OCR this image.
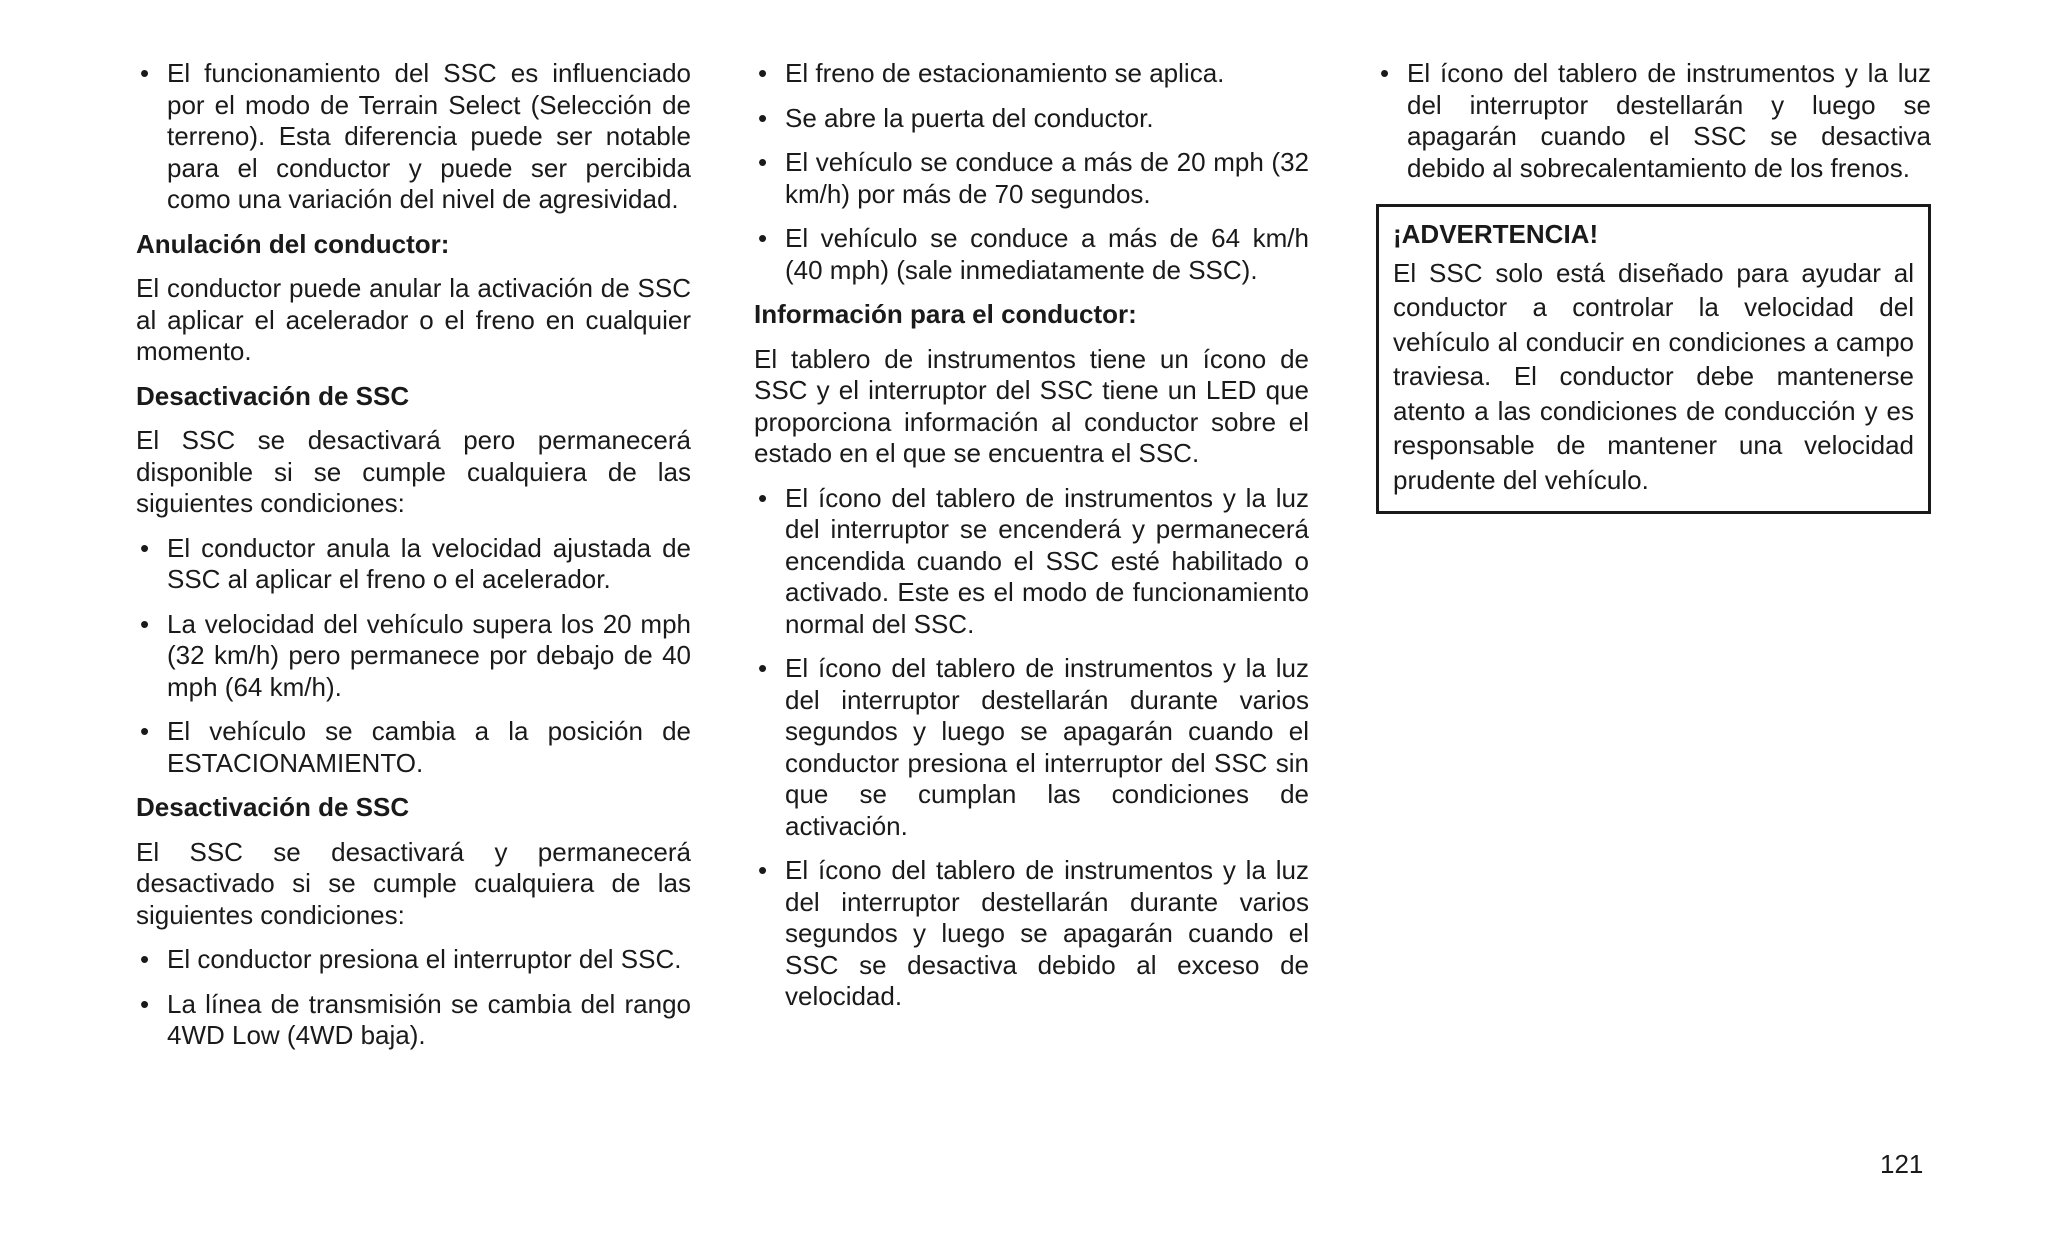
• El funcionamiento del SSC es influenciado por el modo de Terrain Select (Selección de terreno). Esta diferencia puede ser notable para el conductor y puede ser percibida como una variación del nivel de agresividad.
Anulación del conductor:
El conductor puede anular la activación de SSC al aplicar el acelerador o el freno en cualquier momento.
Desactivación de SSC
El SSC se desactivará pero permanecerá disponible si se cumple cualquiera de las siguientes condiciones:
• El conductor anula la velocidad ajustada de SSC al aplicar el freno o el acelerador.
• La velocidad del vehículo supera los 20 mph (32 km/h) pero permanece por debajo de 40 mph (64 km/h).
• El vehículo se cambia a la posición de ESTACIONAMIENTO.
Desactivación de SSC
El SSC se desactivará y permanecerá desactivado si se cumple cualquiera de las siguientes condiciones:
• El conductor presiona el interruptor del SSC.
• La línea de transmisión se cambia del rango 4WD Low (4WD baja).
• El freno de estacionamiento se aplica.
• Se abre la puerta del conductor.
• El vehículo se conduce a más de 20 mph (32 km/h) por más de 70 segundos.
• El vehículo se conduce a más de 64 km/h (40 mph) (sale inmediatamente de SSC).
Información para el conductor:
El tablero de instrumentos tiene un ícono de SSC y el interruptor del SSC tiene un LED que proporciona información al conductor sobre el estado en el que se encuentra el SSC.
• El ícono del tablero de instrumentos y la luz del interruptor se encenderá y permanecerá encendida cuando el SSC esté habilitado o activado. Este es el modo de funcionamiento normal del SSC.
• El ícono del tablero de instrumentos y la luz del interruptor destellarán durante varios segundos y luego se apagarán cuando el conductor presiona el interruptor del SSC sin que se cumplan las condiciones de activación.
• El ícono del tablero de instrumentos y la luz del interruptor destellarán durante varios segundos y luego se apagarán cuando el SSC se desactiva debido al exceso de velocidad.
• El ícono del tablero de instrumentos y la luz del interruptor destellarán y luego se apagarán cuando el SSC se desactiva debido al sobrecalentamiento de los frenos.
¡ADVERTENCIA!
El SSC solo está diseñado para ayudar al conductor a controlar la velocidad del vehículo al conducir en condiciones a campo traviesa. El conductor debe mantenerse atento a las condiciones de conducción y es responsable de mantener una velocidad prudente del vehículo.
121
